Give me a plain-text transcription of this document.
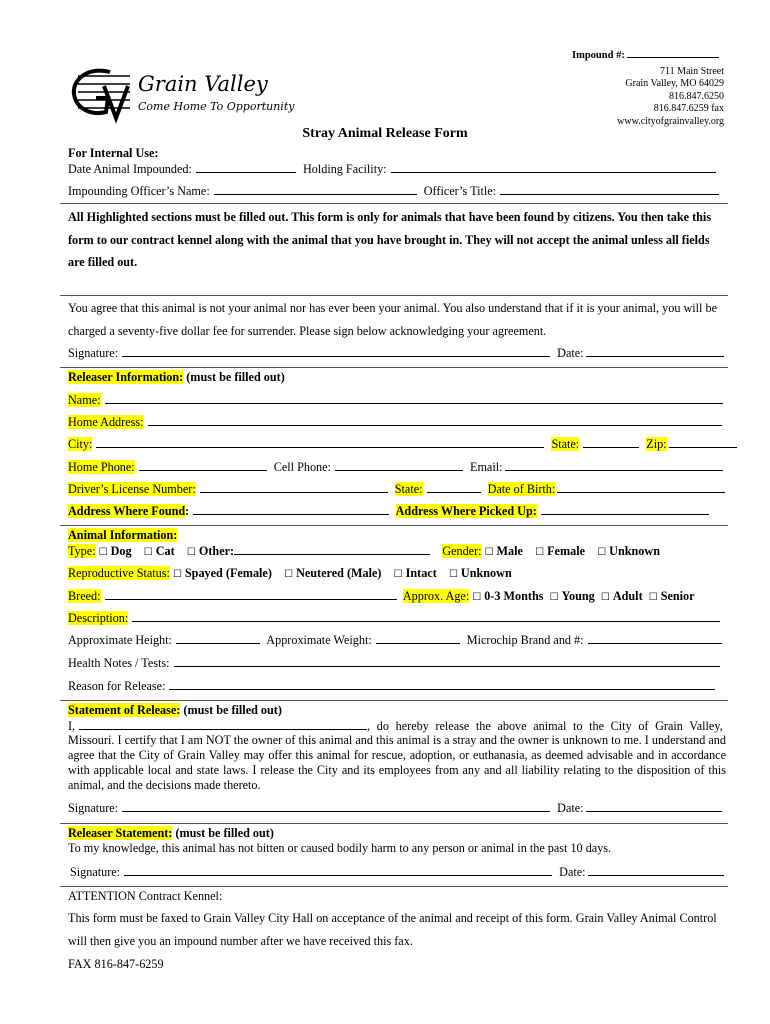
Impound #:
GV
Grain Valley
Come Home To Opportunity
711 Main Street
Grain Valley, MO 64029
816.847.6250
816.847.6259 fax
www.cityofgrainvalley.org
Stray Animal Release Form
For Internal Use:
Date Animal Impounded:	Holding Facility:
Impounding Officer’s Name:	Officer’s Title:
All Highlighted sections must be filled out. This form is only for animals that have been found by citizens. You then take this form to our contract kennel along with the animal that you have brought in. They will not accept the animal unless all fields are filled out.
You agree that this animal is not your animal nor has ever been your animal. You also understand that if it is your animal, you will be charged a seventy-five dollar fee for surrender. Please sign below acknowledging your agreement.
Signature:	Date:
Releaser Information: (must be filled out)
Name:
Home Address:
City:	State:	Zip:
Home Phone:	Cell Phone:	Email:
Driver’s License Number:	State:	Date of Birth:
Address Where Found:	Address Where Picked Up:
Animal Information:
Type: ☐ Dog ☐ Cat ☐ Other:	Gender: ☐ Male ☐ Female ☐ Unknown
Reproductive Status: ☐ Spayed (Female) ☐ Neutered (Male) ☐ Intact ☐ Unknown
Breed:	Approx. Age: ☐ 0-3 Months ☐ Young ☐ Adult ☐ Senior
Description:
Approximate Height:	Approximate Weight:	Microchip Brand and #:
Health Notes / Tests:
Reason for Release:
Statement of Release: (must be filled out)
I,	, do hereby release the above animal to the City of Grain Valley,
Missouri. I certify that I am NOT the owner of this animal and this animal is a stray and the owner is unknown to me. I understand and agree that the City of Grain Valley may offer this animal for rescue, adoption, or euthanasia, as deemed advisable and in accordance with applicable local and state laws. I release the City and its employees from any and all liability relating to the disposition of this animal, and the decisions made thereto.
Signature:	Date:
Releaser Statement: (must be filled out)
To my knowledge, this animal has not bitten or caused bodily harm to any person or animal in the past 10 days.
Signature:	Date:
ATTENTION Contract Kennel:
This form must be faxed to Grain Valley City Hall on acceptance of the animal and receipt of this form. Grain Valley Animal Control will then give you an impound number after we have received this fax.
FAX 816-847-6259
